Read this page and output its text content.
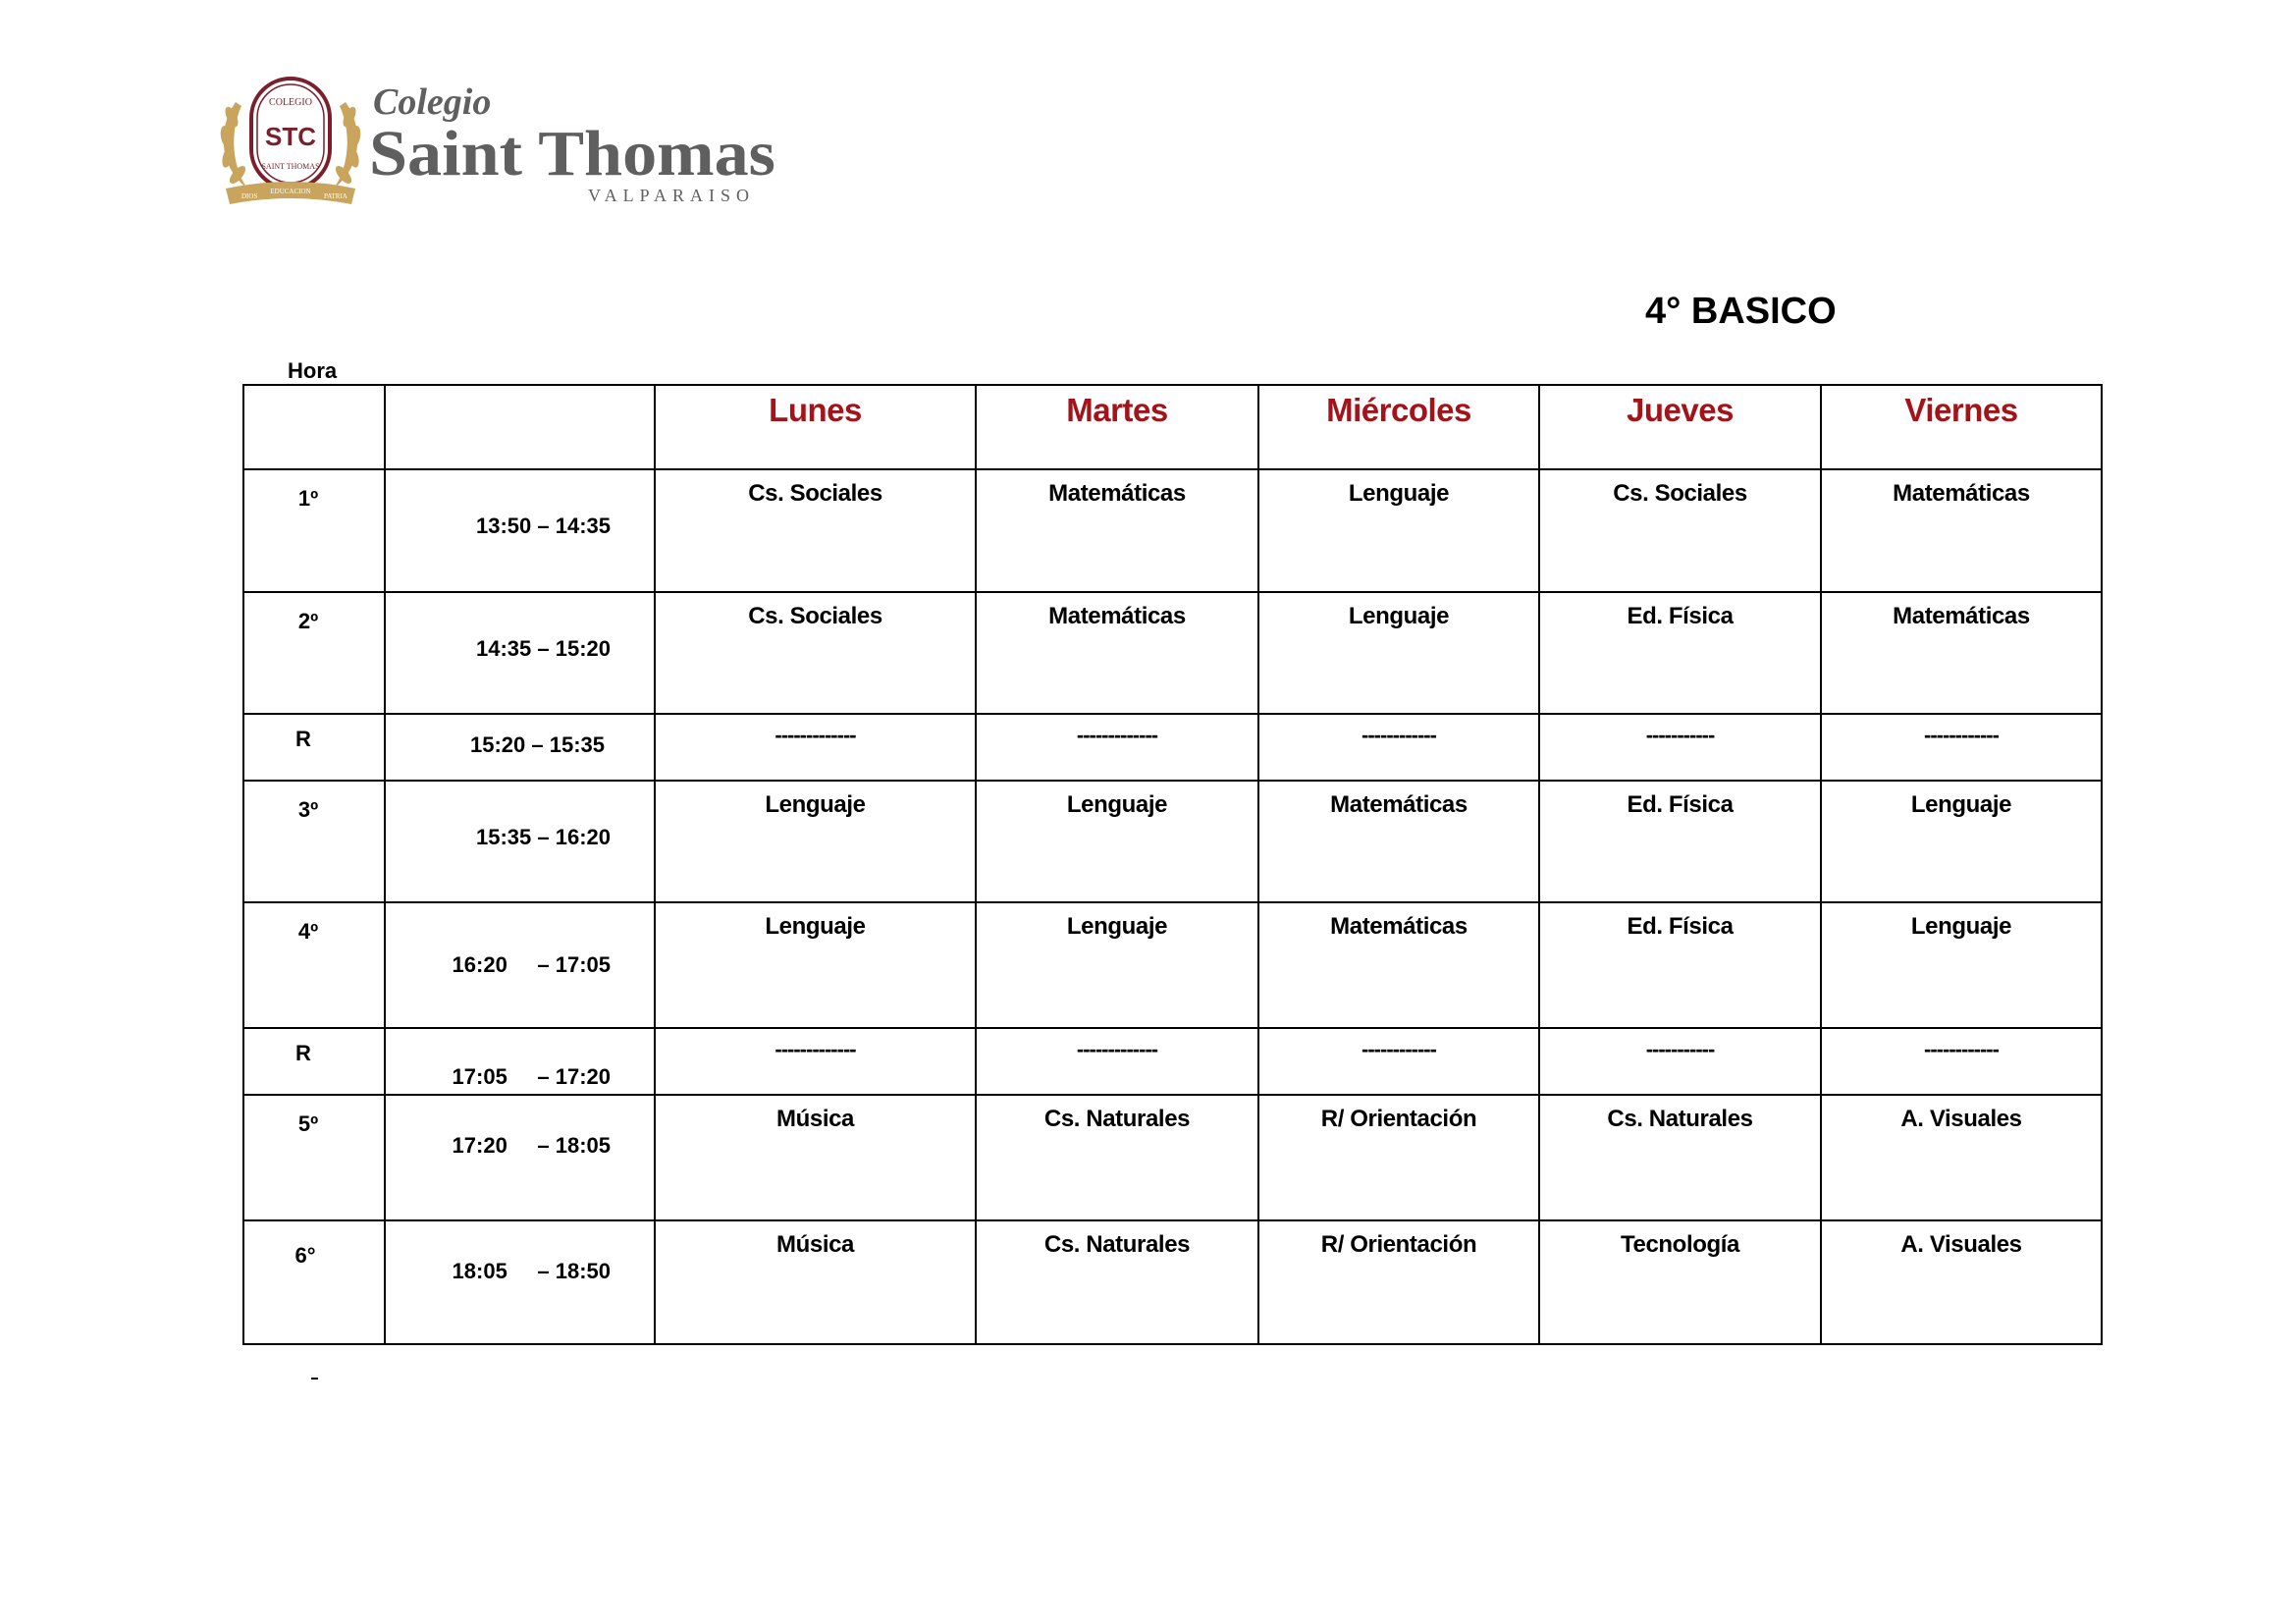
COLEGIO
STC
SAINT THOMAS
DIOS
EDUCACION
PATRIA
Colegio
Saint Thomas
VALPARAISO
4° BASICO
Hora

		Lunes	Martes	Miércoles	Jueves	Viernes

1º	13:50 – 14:35	Cs. Sociales	Matemáticas	Lenguaje	Cs. Sociales	Matemáticas

2º	14:35 – 15:20	Cs. Sociales	Matemáticas	Lenguaje	Ed. Física	Matemáticas

R	15:20 – 15:35	-------------	-------------	------------	-----------	------------

3º	15:35 – 16:20	Lenguaje	Lenguaje	Matemáticas	Ed. Física	Lenguaje

4º	16:20     – 17:05	Lenguaje	Lenguaje	Matemáticas	Ed. Física	Lenguaje

R	17:05     – 17:20	-------------	-------------	------------	-----------	------------

5º	17:20     – 18:05	Música	Cs. Naturales	R/ Orientación	Cs. Naturales	A. Visuales

6°	18:05     – 18:50	Música	Cs. Naturales	R/ Orientación	Tecnología	A. Visuales
